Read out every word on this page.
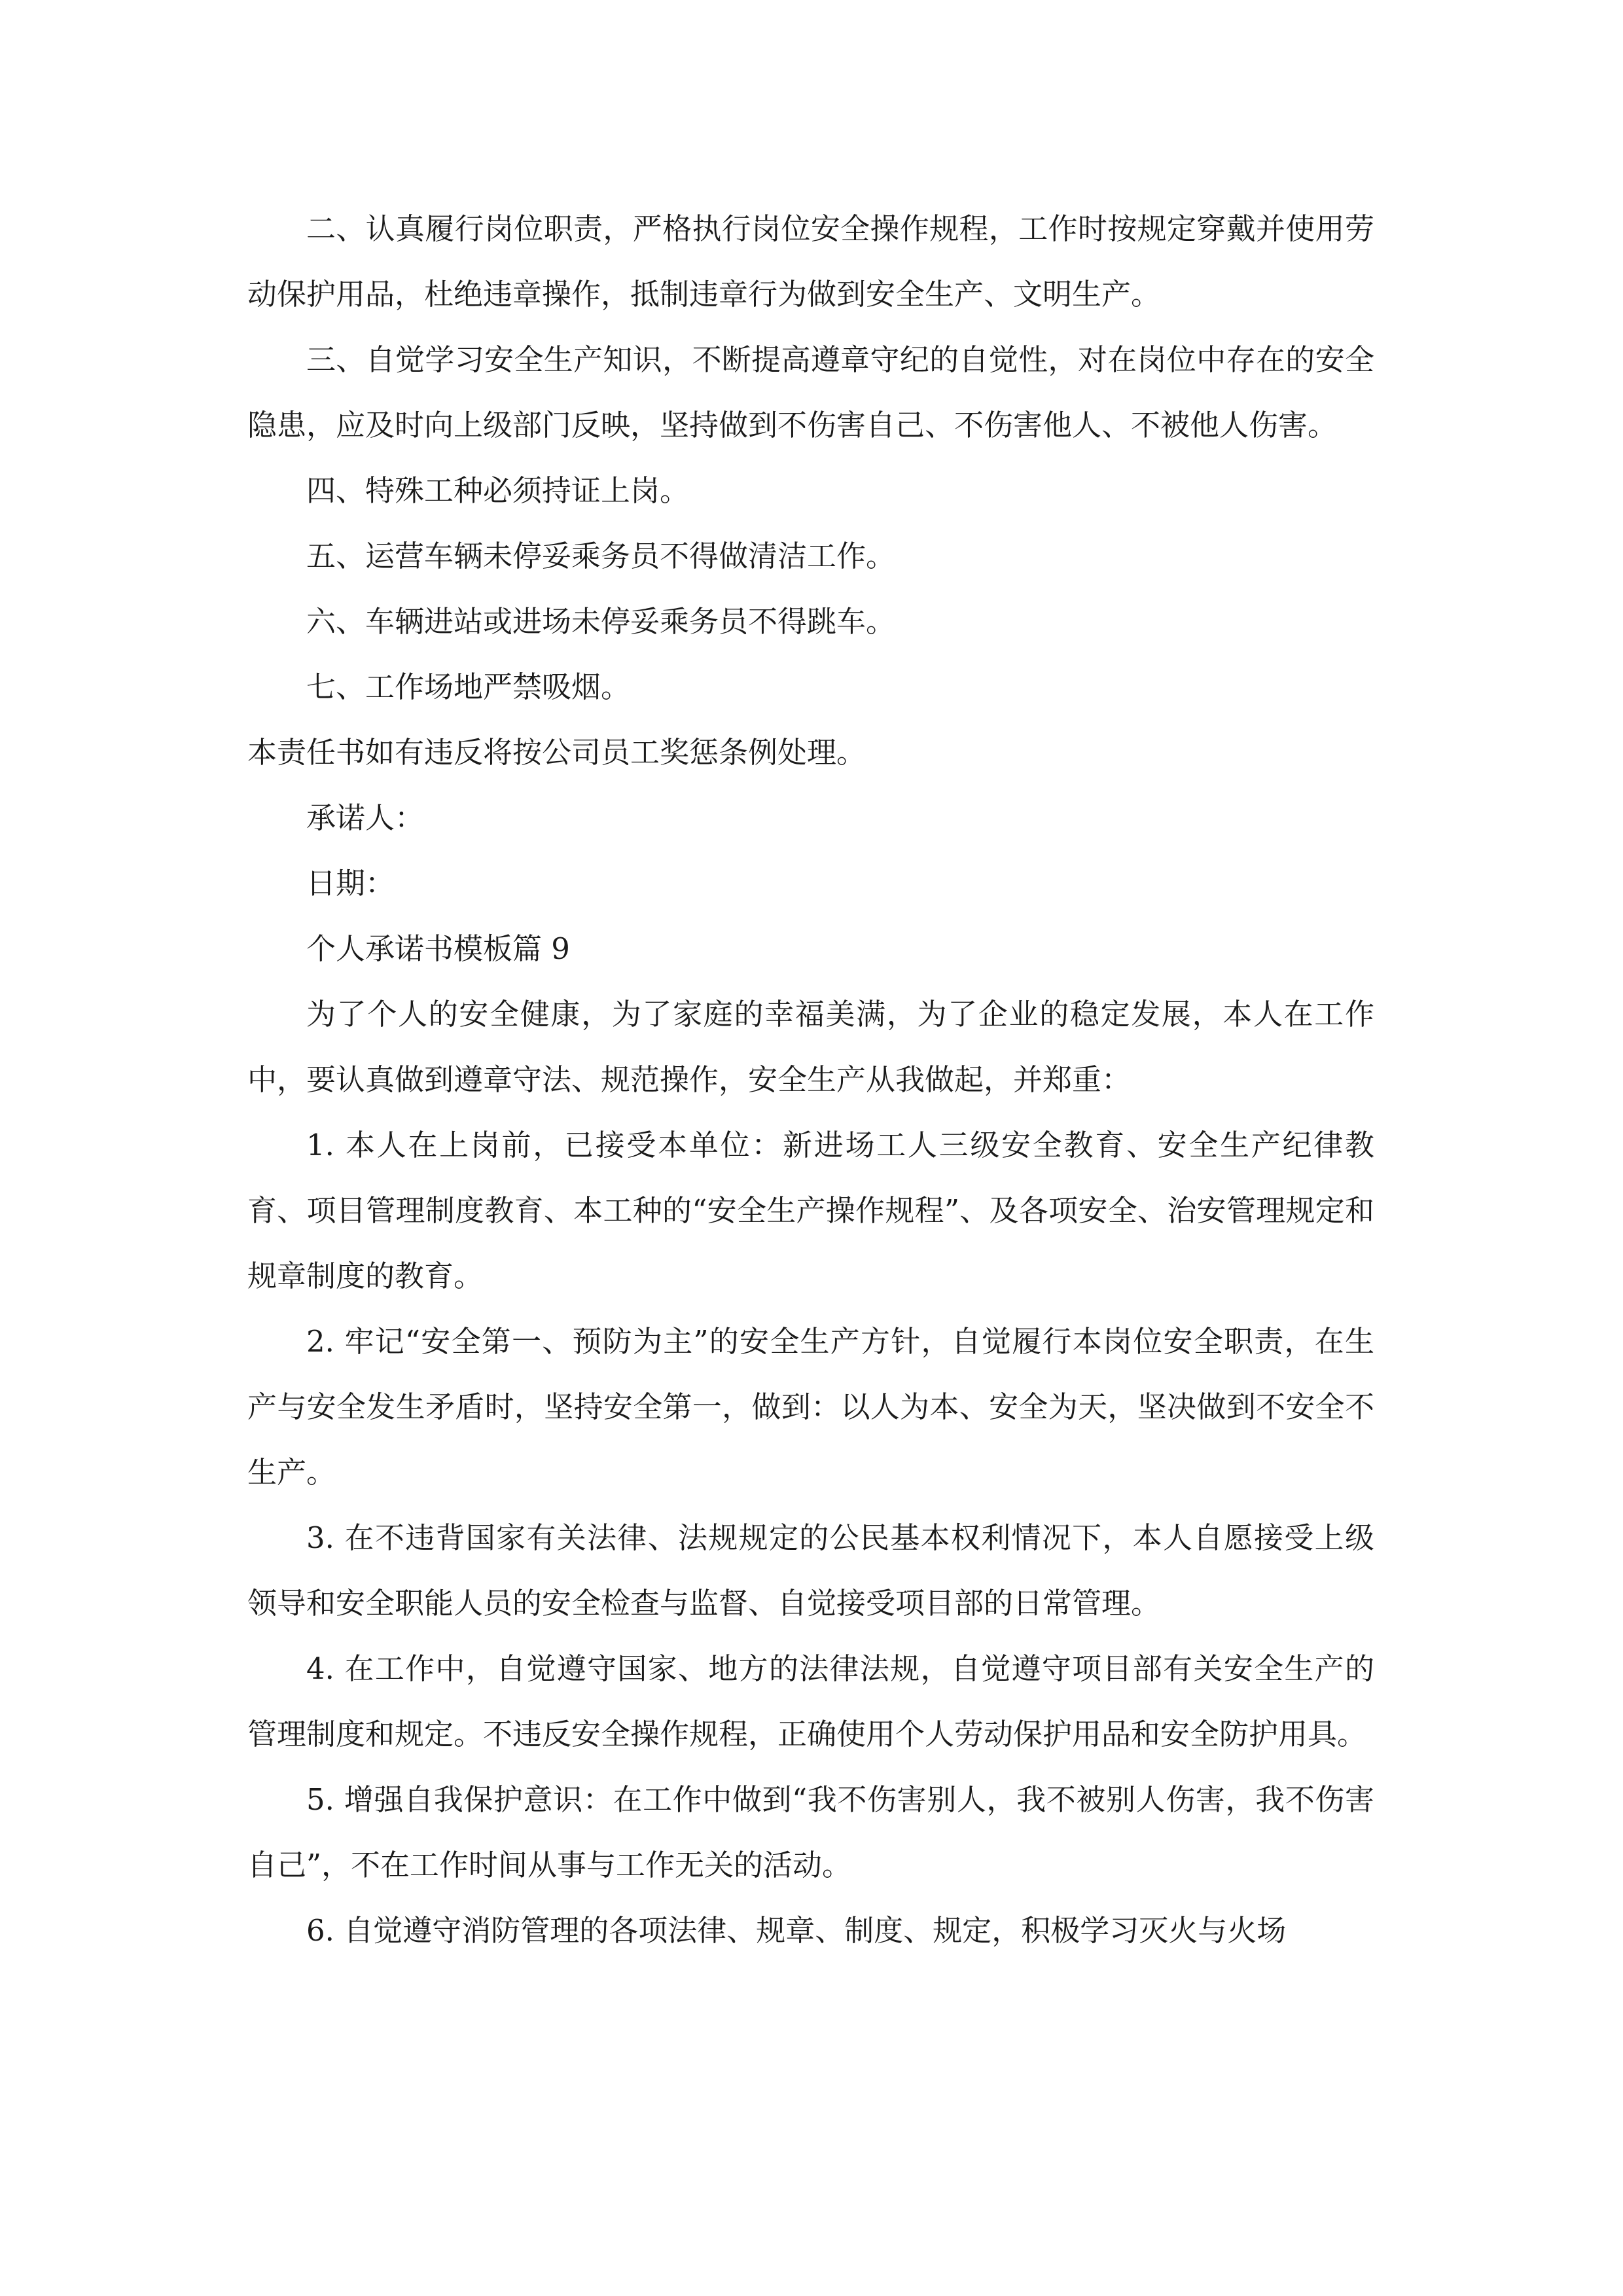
二、认真履行岗位职责，严格执行岗位安全操作规程，工作时按规定穿戴并使用劳动保护用品，杜绝违章操作，抵制违章行为做到安全生产、文明生产。

三、自觉学习安全生产知识，不断提高遵章守纪的自觉性，对在岗位中存在的安全隐患，应及时向上级部门反映，坚持做到不伤害自己、不伤害他人、不被他人伤害。

四、特殊工种必须持证上岗。

五、运营车辆未停妥乘务员不得做清洁工作。

六、车辆进站或进场未停妥乘务员不得跳车。

七、工作场地严禁吸烟。

本责任书如有违反将按公司员工奖惩条例处理。

承诺人：

日期：

个人承诺书模板篇 9

为了个人的安全健康，为了家庭的幸福美满，为了企业的稳定发展，本人在工作中，要认真做到遵章守法、规范操作，安全生产从我做起，并郑重：

1. 本人在上岗前，已接受本单位：新进场工人三级安全教育、安全生产纪律教育、项目管理制度教育、本工种的“安全生产操作规程”、及各项安全、治安管理规定和规章制度的教育。

2. 牢记“安全第一、预防为主”的安全生产方针，自觉履行本岗位安全职责，在生产与安全发生矛盾时，坚持安全第一，做到：以人为本、安全为天，坚决做到不安全不生产。

3. 在不违背国家有关法律、法规规定的公民基本权利情况下，本人自愿接受上级领导和安全职能人员的安全检查与监督、自觉接受项目部的日常管理。

4. 在工作中，自觉遵守国家、地方的法律法规，自觉遵守项目部有关安全生产的管理制度和规定。不违反安全操作规程，正确使用个人劳动保护用品和安全防护用具。

5. 增强自我保护意识：在工作中做到“我不伤害别人，我不被别人伤害，我不伤害自己”，不在工作时间从事与工作无关的活动。

6. 自觉遵守消防管理的各项法律、规章、制度、规定，积极学习灭火与火场
